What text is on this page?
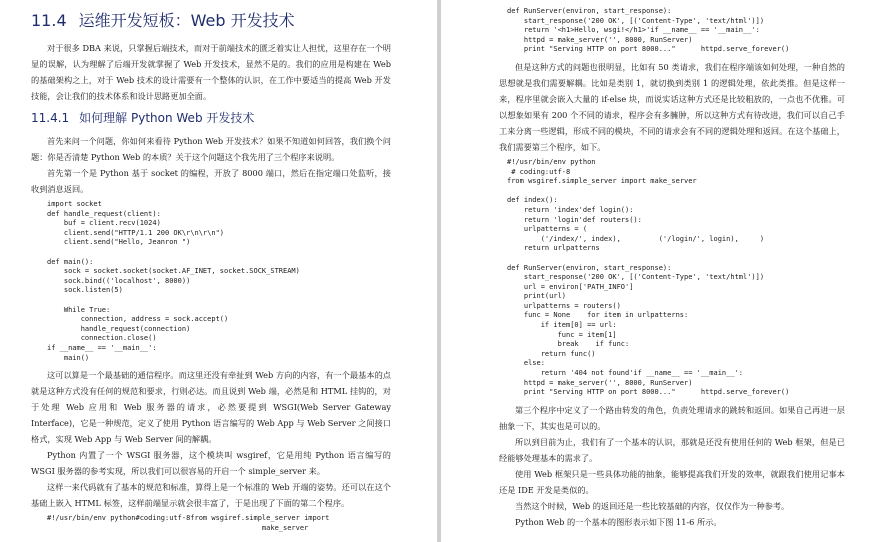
11.4 运维开发短板：Web 开发技术

对于很多 DBA 来说，只掌握后端技术，而对于前端技术的匮乏着实让人担忧，这里存在一个明显的误解，认为理解了后端开发就掌握了 Web 开发技术，显然不是的。我们的应用是构建在 Web 的基础架构之上，对于 Web 技术的设计需要有一个整体的认识，在工作中要适当的提高 Web 开发技能，会让我们的技术体系和设计思路更加全面。

11.4.1 如何理解 Python Web 开发技术

首先来问一个问题，你如何来看待 Python Web 开发技术？如果不知道如何回答，我们换个问题：你是否清楚 Python Web 的本质？关于这个问题这个我先用了三个程序来说明。

首先第一个是 Python 基于 socket 的编程，开放了 8000 端口，然后在指定端口处监听，接收到消息返回。

import socket
def handle_request(client):
buf = client.recv(1024)
client.send("HTTP/1.1 200 OK\r\n\r\n")
client.send("Hello, Jeanron ")

def main():
sock = socket.socket(socket.AF_INET, socket.SOCK_STREAM)
sock.bind(('localhost', 8000))
sock.listen(5)

While True:
connection, address = sock.accept()
handle_request(connection)
connection.close()
if __name__ == '__main__':
main()

这可以算是一个最基础的通信程序。而这里还没有牵扯到 Web 方向的内容，有一个最基本的点就是这种方式没有任何的规范和要求，行则必达。而且说到 Web 端，必然是和 HTML 挂钩的，对于处理 Web 应用和 Web 服务器的请求，必然要提到 WSGI(Web Server Gateway Interface)，它是一种规范，定义了使用 Python 语言编写的 Web App 与 Web Server 之间接口格式，实现 Web App 与 Web Server 间的解耦。

Python 内置了一个 WSGI 服务器，这个模块叫 wsgiref，它是用纯 Python 语言编写的 WSGI 服务器的参考实现，所以我们可以很容易的开启一个 simple_server 来。

这样一来代码就有了基本的规范和标准，算得上是一个标准的 Web 开端的姿势。还可以在这个基础上嵌入 HTML 标签，这样前端显示就会很丰富了，于是出现了下面的第二个程序。

#!/usr/bin/env python#coding:utf-8from wsgiref.simple_server import
make_server
def RunServer(environ, start_response):
start_response('200 OK', [('Content-Type', 'text/html')])
return '<h1>Hello, wsgi!</h1>'if __name__ == '__main__':
httpd = make_server('', 8000, RunServer)
print "Serving HTTP on port 8000..."      httpd.serve_forever()

但是这种方式的问题也很明显，比如有 50 类请求，我们在程序端该如何处理，一种自然的思想就是我们需要解耦。比如是类别 1，就切换到类别 1 的逻辑处理，依此类推。但是这样一来，程序里就会嵌入大量的 if-else 块，而说实话这种方式还是比较粗放的，一点也不优雅。可以想象如果有 200 个不同的请求，程序会有多臃肿，所以这种方式有待改进，我们可以自己手工来分离一些逻辑，形成不同的模块，不同的请求会有不同的逻辑处理和返回。在这个基础上，我们需要第三个程序，如下。

#!/usr/bin/env python
# coding:utf-8
from wsgiref.simple_server import make_server

def index():
return 'index'def login():
return 'login'def routers():
urlpatterns = (
('/index/', index),         ('/login/', login),     )
return urlpatterns

def RunServer(environ, start_response):
start_response('200 OK', [('Content-Type', 'text/html')])
url = environ['PATH_INFO']
print(url)
urlpatterns = routers()
func = None    for item in urlpatterns:
if item[0] == url:
func = item[1]
break    if func:
return func()
else:
return '404 not found'if __name__ == '__main__':
httpd = make_server('', 8000, RunServer)
print "Serving HTTP on port 8000..."      httpd.serve_forever()

第三个程序中定义了一个路由转发的角色，负责处理请求的跳转和返回。如果自己再进一层抽象一下，其实也是可以的。

所以到目前为止，我们有了一个基本的认识，那就是还没有使用任何的 Web 框架，但是已经能够处理基本的需求了。

使用 Web 框架只是一些具体功能的抽象，能够提高我们开发的效率，就跟我们使用记事本还是 IDE 开发是类似的。

当然这个时候，Web 的返回还是一些比较基础的内容，仅仅作为一种参考。

Python Web 的一个基本的图形表示如下图 11-6 所示。
